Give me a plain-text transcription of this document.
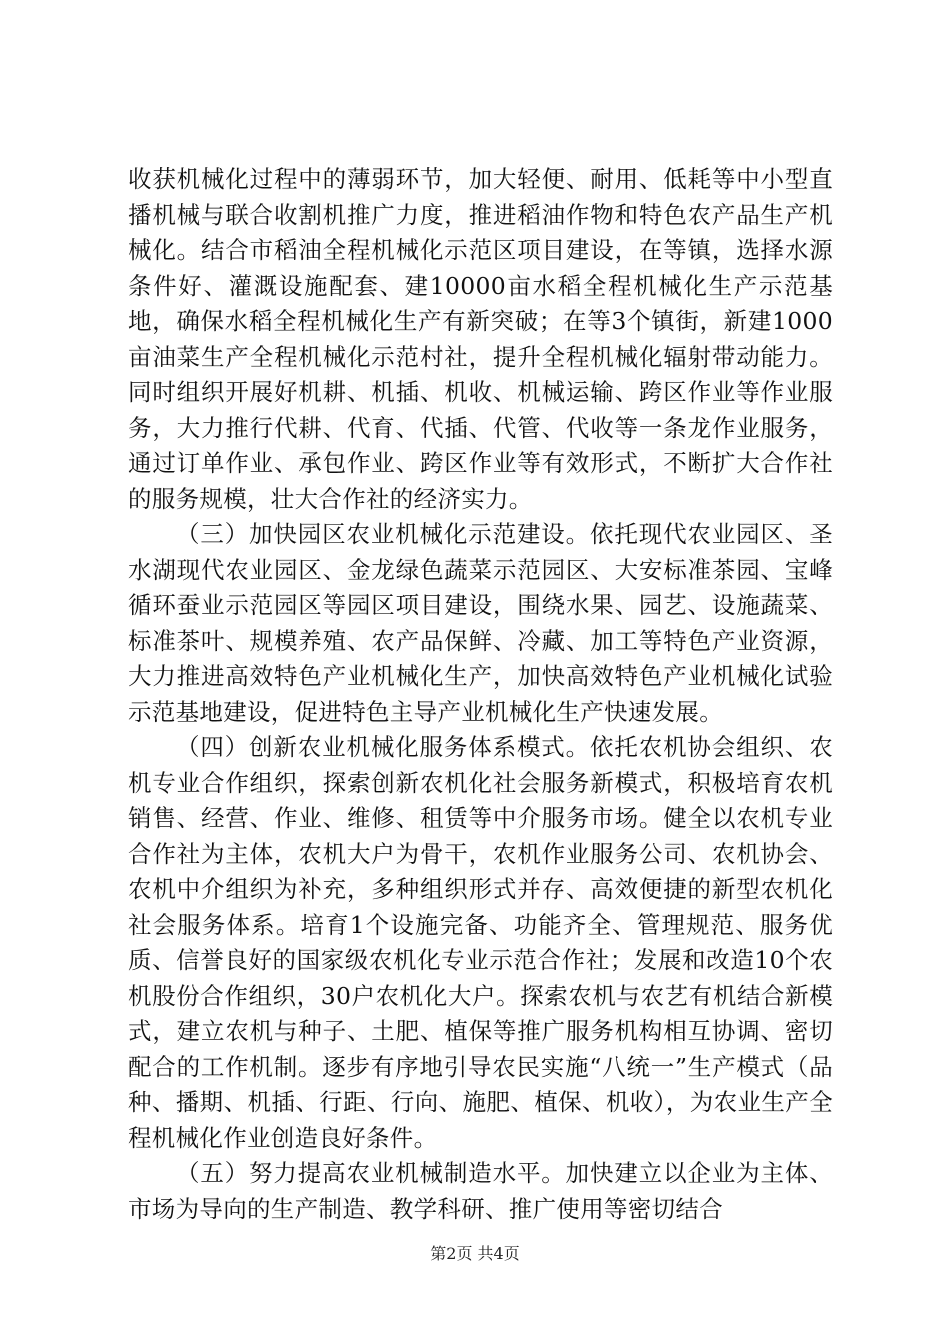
收获机械化过程中的薄弱环节，加大轻便、耐用、低耗等中小型直播机械与联合收割机推广力度，推进稻油作物和特色农产品生产机械化。结合市稻油全程机械化示范区项目建设，在等镇，选择水源条件好、灌溉设施配套、建10000亩水稻全程机械化生产示范基地，确保水稻全程机械化生产有新突破；在等3个镇街，新建1000亩油菜生产全程机械化示范村社，提升全程机械化辐射带动能力。同时组织开展好机耕、机插、机收、机械运输、跨区作业等作业服务，大力推行代耕、代育、代插、代管、代收等一条龙作业服务，通过订单作业、承包作业、跨区作业等有效形式，不断扩大合作社的服务规模，壮大合作社的经济实力。

（三）加快园区农业机械化示范建设。依托现代农业园区、圣水湖现代农业园区、金龙绿色蔬菜示范园区、大安标准茶园、宝峰循环蚕业示范园区等园区项目建设，围绕水果、园艺、设施蔬菜、标准茶叶、规模养殖、农产品保鲜、冷藏、加工等特色产业资源，大力推进高效特色产业机械化生产，加快高效特色产业机械化试验示范基地建设，促进特色主导产业机械化生产快速发展。

（四）创新农业机械化服务体系模式。依托农机协会组织、农机专业合作组织，探索创新农机化社会服务新模式，积极培育农机销售、经营、作业、维修、租赁等中介服务市场。健全以农机专业合作社为主体，农机大户为骨干，农机作业服务公司、农机协会、农机中介组织为补充，多种组织形式并存、高效便捷的新型农机化社会服务体系。培育1个设施完备、功能齐全、管理规范、服务优质、信誉良好的国家级农机化专业示范合作社；发展和改造10个农机股份合作组织，30户农机化大户。探索农机与农艺有机结合新模式，建立农机与种子、土肥、植保等推广服务机构相互协调、密切配合的工作机制。逐步有序地引导农民实施“八统一”生产模式（品种、播期、机插、行距、行向、施肥、植保、机收），为农业生产全程机械化作业创造良好条件。

（五）努力提高农业机械制造水平。加快建立以企业为主体、市场为导向的生产制造、教学科研、推广使用等密切结合

第2页 共4页
